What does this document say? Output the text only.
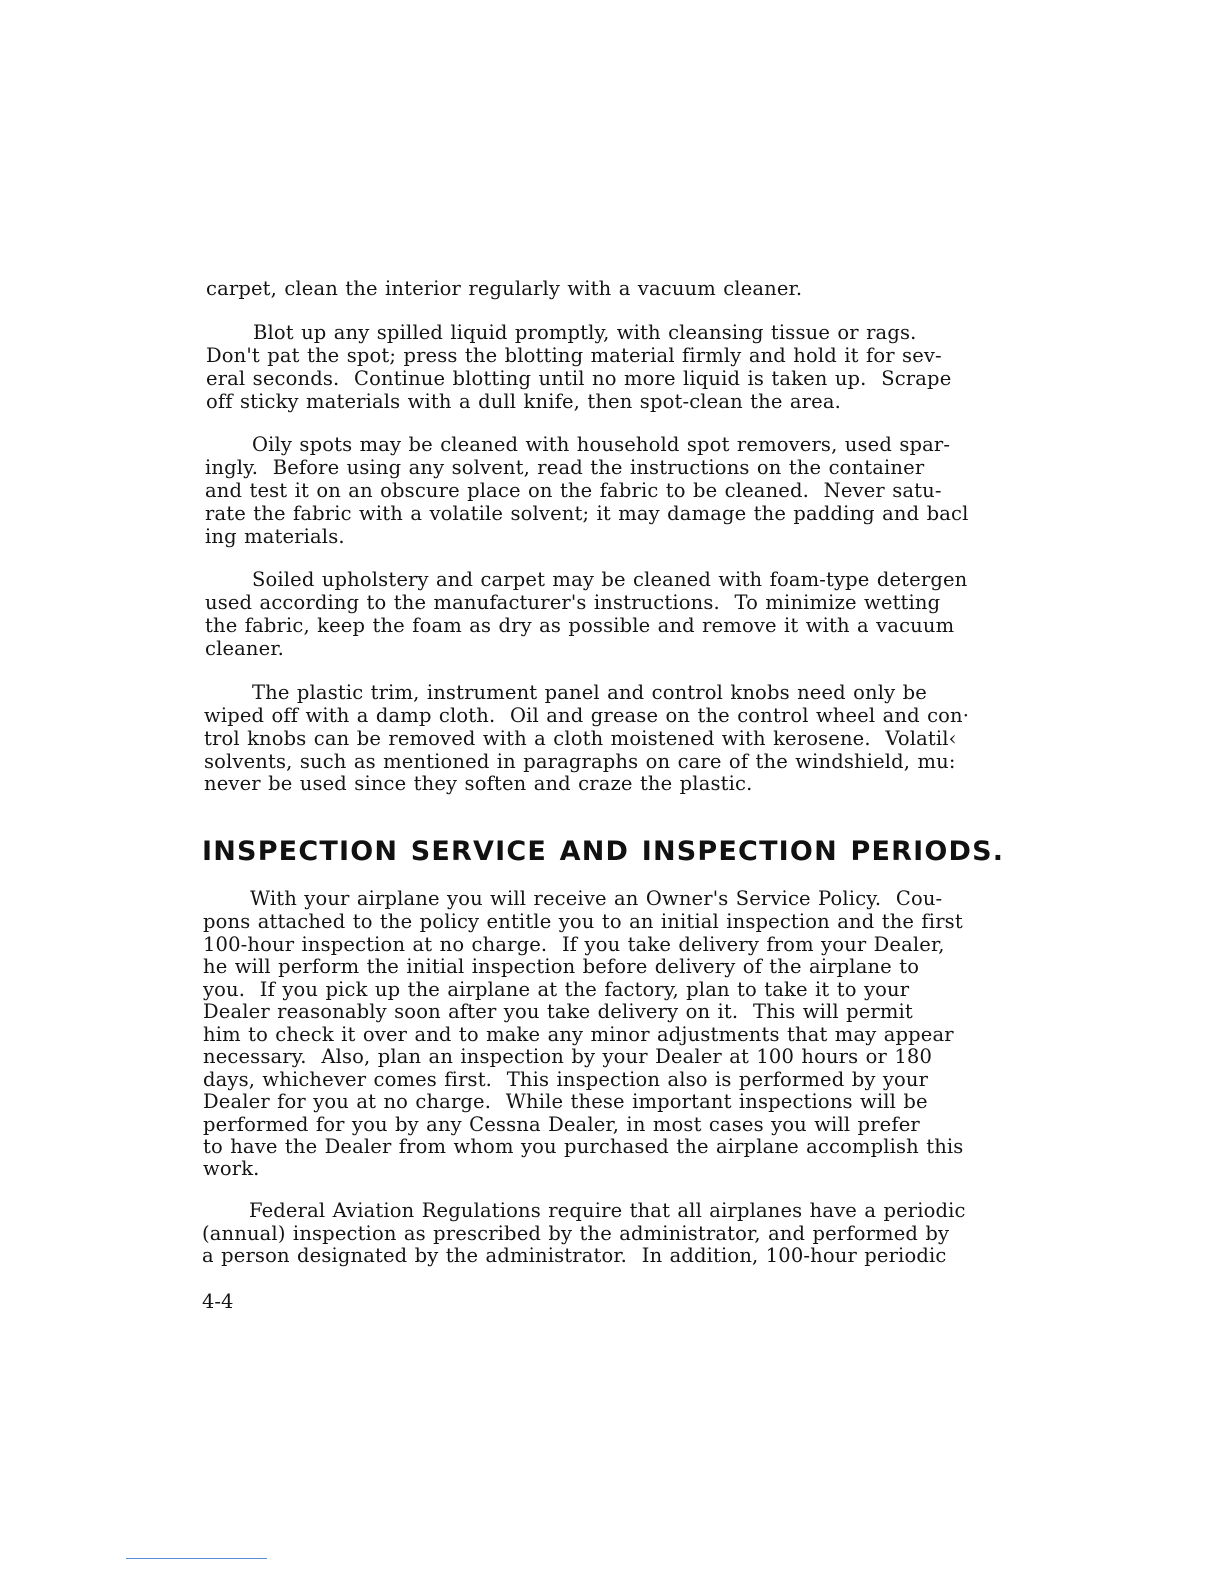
carpet, clean the interior regularly with a vacuum cleaner.
Blot up any spilled liquid promptly, with cleansing tissue or rags.
Don't pat the spot; press the blotting material firmly and hold it for sev-
eral seconds.  Continue blotting until no more liquid is taken up.  Scrape
off sticky materials with a dull knife, then spot-clean the area.
Oily spots may be cleaned with household spot removers, used spar-
ingly.  Before using any solvent, read the instructions on the container
and test it on an obscure place on the fabric to be cleaned.  Never satu-
rate the fabric with a volatile solvent; it may damage the padding and bacl
ing materials.
Soiled upholstery and carpet may be cleaned with foam-type detergen
used according to the manufacturer's instructions.  To minimize wetting
the fabric, keep the foam as dry as possible and remove it with a vacuum
cleaner.
The plastic trim, instrument panel and control knobs need only be
wiped off with a damp cloth.  Oil and grease on the control wheel and con·
trol knobs can be removed with a cloth moistened with kerosene.  Volatil‹
solvents, such as mentioned in paragraphs on care of the windshield, mu:
never be used since they soften and craze the plastic.
INSPECTION SERVICE AND INSPECTION PERIODS.
With your airplane you will receive an Owner's Service Policy.  Cou-
pons attached to the policy entitle you to an initial inspection and the first
100-hour inspection at no charge.  If you take delivery from your Dealer,
he will perform the initial inspection before delivery of the airplane to
you.  If you pick up the airplane at the factory, plan to take it to your
Dealer reasonably soon after you take delivery on it.  This will permit
him to check it over and to make any minor adjustments that may appear
necessary.  Also, plan an inspection by your Dealer at 100 hours or 180
days, whichever comes first.  This inspection also is performed by your
Dealer for you at no charge.  While these important inspections will be
performed for you by any Cessna Dealer, in most cases you will prefer
to have the Dealer from whom you purchased the airplane accomplish this
work.
Federal Aviation Regulations require that all airplanes have a periodic
(annual) inspection as prescribed by the administrator, and performed by
a person designated by the administrator.  In addition, 100-hour periodic
4-4
